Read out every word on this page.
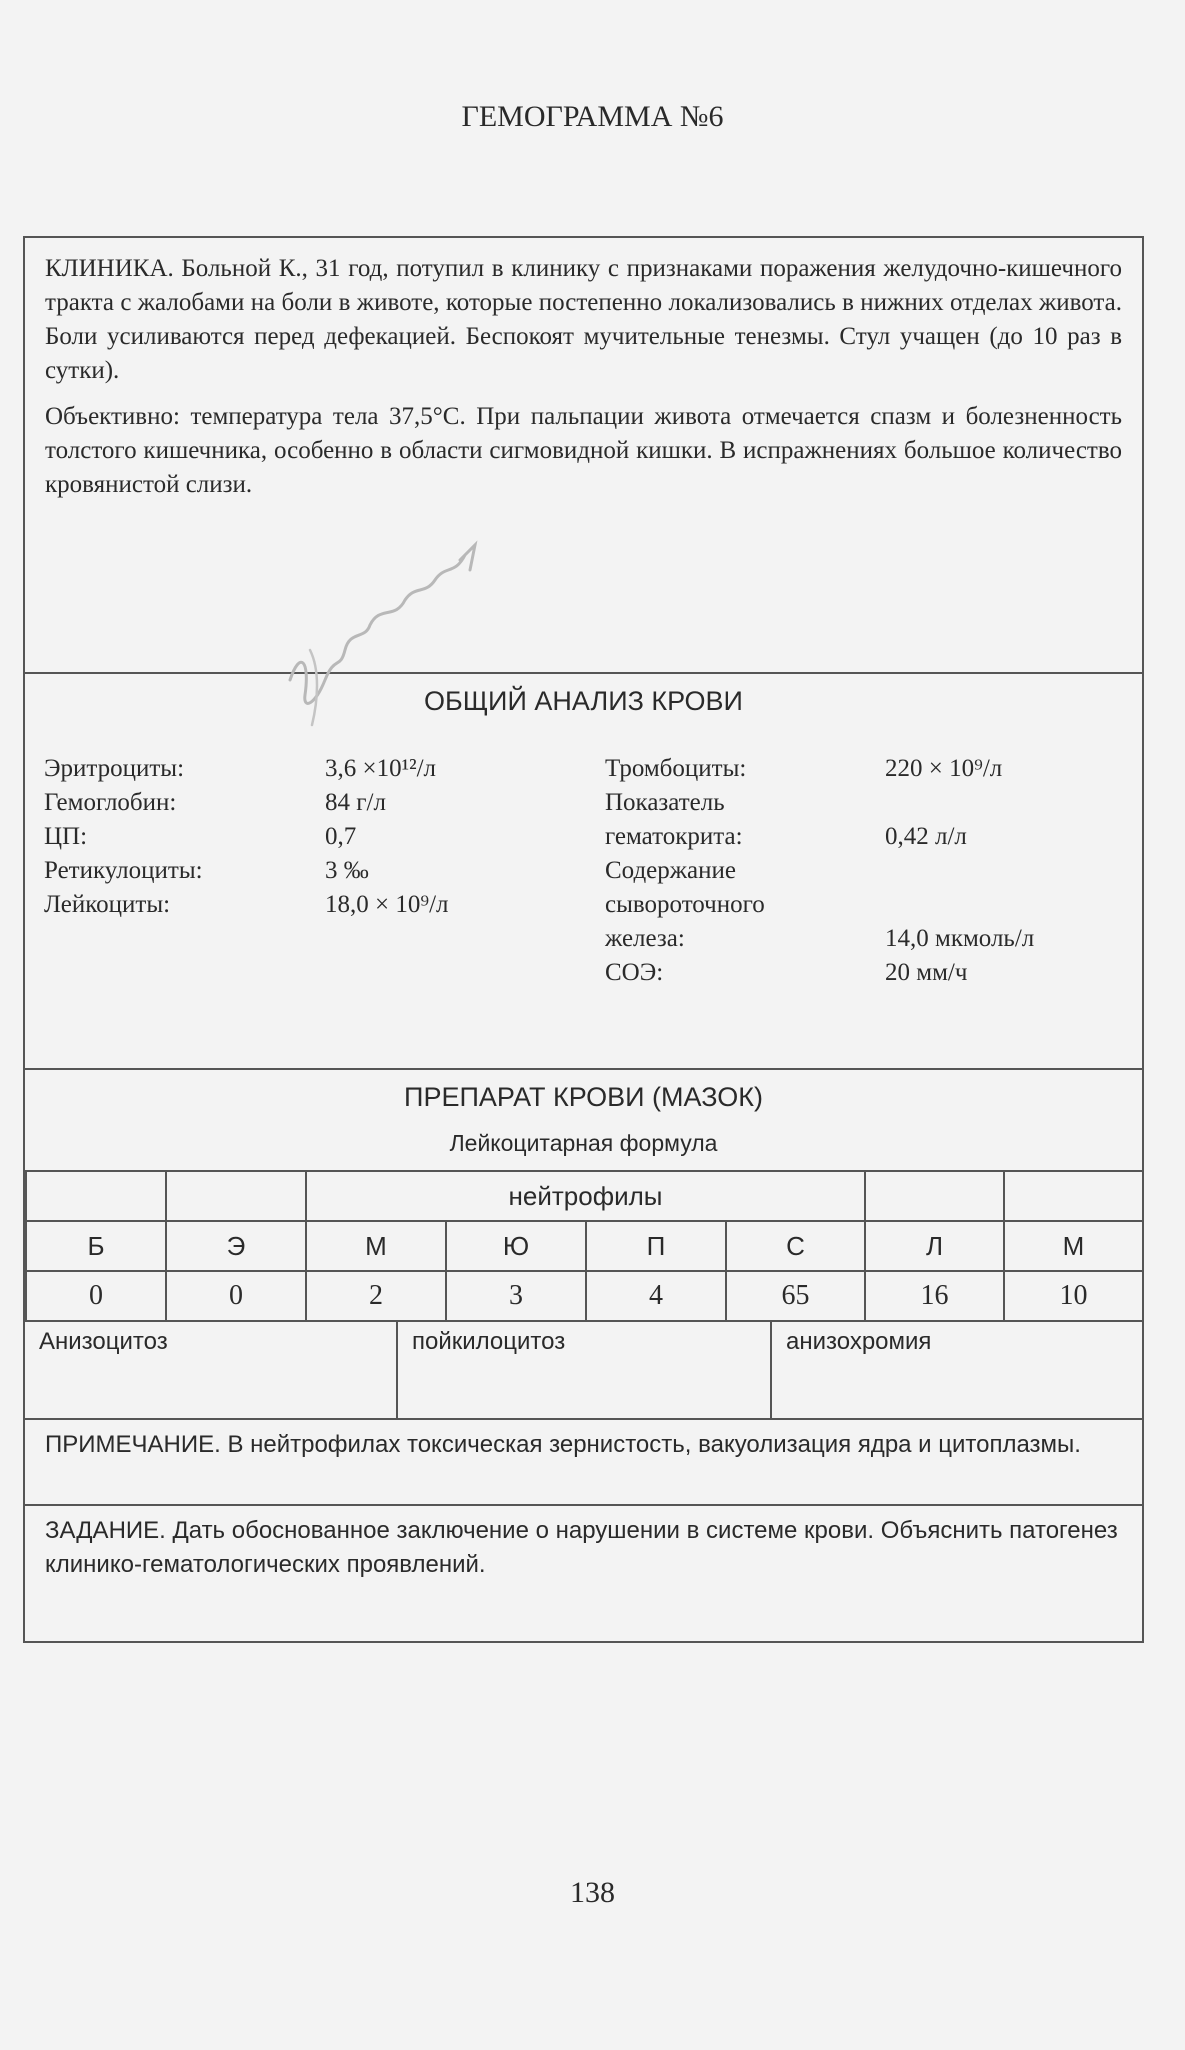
ГЕМОГРАММА №6

КЛИНИКА. Больной К., 31 год, потупил в клинику с признаками поражения желудочно-кишечного тракта с жалобами на боли в животе, которые постепенно локализовались в нижних отделах живота. Боли усиливаются перед дефекацией. Беспокоят мучительные тенезмы. Стул учащен (до 10 раз в сутки).

Объективно: температура тела 37,5°С. При пальпации живота отмечается спазм и болезненность толстого кишечника, особенно в области сигмовидной кишки. В испражнениях большое количество кровянистой слизи.

ОБЩИЙ АНАЛИЗ КРОВИ
Эритроциты:	3,6 ×10¹²/л
Гемоглобин:	84 г/л
ЦП:	0,7
Ретикулоциты:	3 ‰
Лейкоциты:	18,0 × 10⁹/л
Тромбоциты:	220 × 10⁹/л
Показатель
гематокрита:	0,42 л/л
Содержание
сывороточного
железа:	14,0 мкмоль/л
СОЭ:	20 мм/ч
ПРЕПАРАТ КРОВИ (МАЗОК)
Лейкоцитарная формула
		нейтрофилы					
Б	Э	М	Ю	П	С	Л	М
0	0	2	3	4	65	16	10
Анизоцитоз	пойкилоцитоз	анизохромия
ПРИМЕЧАНИЕ. В нейтрофилах токсическая зернистость, вакуолизация ядра и цитоплазмы.
ЗАДАНИЕ. Дать обоснованное заключение о нарушении в системе крови. Объяснить патогенез клинико-гематологических проявлений.
138
